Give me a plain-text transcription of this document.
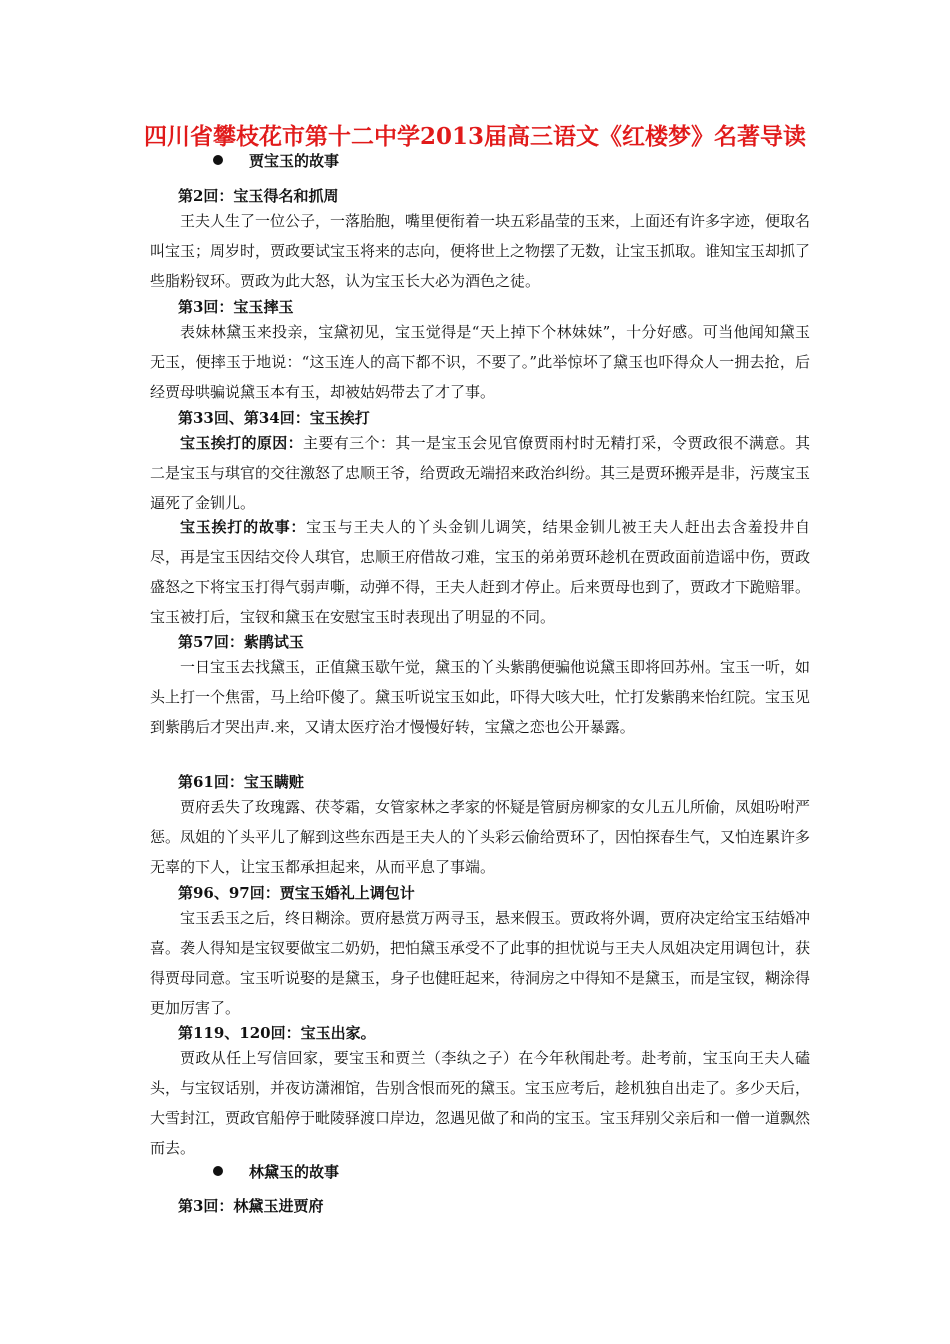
四川省攀枝花市第十二中学2013届高三语文《红楼梦》名著导读
贾宝玉的故事
第2回：宝玉得名和抓周

王夫人生了一位公子，一落胎胞，嘴里便衔着一块五彩晶莹的玉来，上面还有许多字迹，便取名叫宝玉；周岁时，贾政要试宝玉将来的志向，便将世上之物摆了无数，让宝玉抓取。谁知宝玉却抓了些脂粉钗环。贾政为此大怒，认为宝玉长大必为酒色之徒。

第3回：宝玉摔玉

表妹林黛玉来投亲，宝黛初见，宝玉觉得是“天上掉下个林妹妹”，十分好感。可当他闻知黛玉无玉，便摔玉于地说：“这玉连人的高下都不识，不要了。”此举惊坏了黛玉也吓得众人一拥去抢，后经贾母哄骗说黛玉本有玉，却被姑妈带去了才了事。

第33回、第34回：宝玉挨打

宝玉挨打的原因：主要有三个：其一是宝玉会见官僚贾雨村时无精打采，令贾政很不满意。其二是宝玉与琪官的交往激怒了忠顺王爷，给贾政无端招来政治纠纷。其三是贾环搬弄是非，污蔑宝玉逼死了金钏儿。

宝玉挨打的故事：宝玉与王夫人的丫头金钏儿调笑，结果金钏儿被王夫人赶出去含羞投井自尽，再是宝玉因结交伶人琪官，忠顺王府借故刁难，宝玉的弟弟贾环趁机在贾政面前造谣中伤，贾政盛怒之下将宝玉打得气弱声嘶，动弹不得，王夫人赶到才停止。后来贾母也到了，贾政才下跪赔罪。宝玉被打后，宝钗和黛玉在安慰宝玉时表现出了明显的不同。

第57回：紫鹃试玉

一日宝玉去找黛玉，正值黛玉歇午觉，黛玉的丫头紫鹃便骗他说黛玉即将回苏州。宝玉一听，如头上打一个焦雷，马上给吓傻了。黛玉听说宝玉如此，吓得大咳大吐，忙打发紫鹃来怡红院。宝玉见到紫鹃后才哭出声.来，又请太医疗治才慢慢好转，宝黛之恋也公开暴露。

第61回：宝玉瞒赃

贾府丢失了玫瑰露、茯苓霜，女管家林之孝家的怀疑是管厨房柳家的女儿五儿所偷，凤姐吩咐严惩。凤姐的丫头平儿了解到这些东西是王夫人的丫头彩云偷给贾环了，因怕探春生气，又怕连累许多无辜的下人，让宝玉都承担起来，从而平息了事端。

第96、97回：贾宝玉婚礼上调包计

宝玉丢玉之后，终日糊涂。贾府悬赏万两寻玉，悬来假玉。贾政将外调，贾府决定给宝玉结婚冲喜。袭人得知是宝钗要做宝二奶奶，把怕黛玉承受不了此事的担忧说与王夫人凤姐决定用调包计，获得贾母同意。宝玉听说娶的是黛玉，身子也健旺起来，待洞房之中得知不是黛玉，而是宝钗，糊涂得更加厉害了。

第119、120回：宝玉出家。

贾政从任上写信回家，要宝玉和贾兰（李纨之子）在今年秋闱赴考。赴考前，宝玉向王夫人磕头，与宝钗话别，并夜访潇湘馆，告别含恨而死的黛玉。宝玉应考后，趁机独自出走了。多少天后，大雪封江，贾政官船停于毗陵驿渡口岸边，忽遇见做了和尚的宝玉。宝玉拜别父亲后和一僧一道飘然而去。

林黛玉的故事
第3回：林黛玉进贾府
